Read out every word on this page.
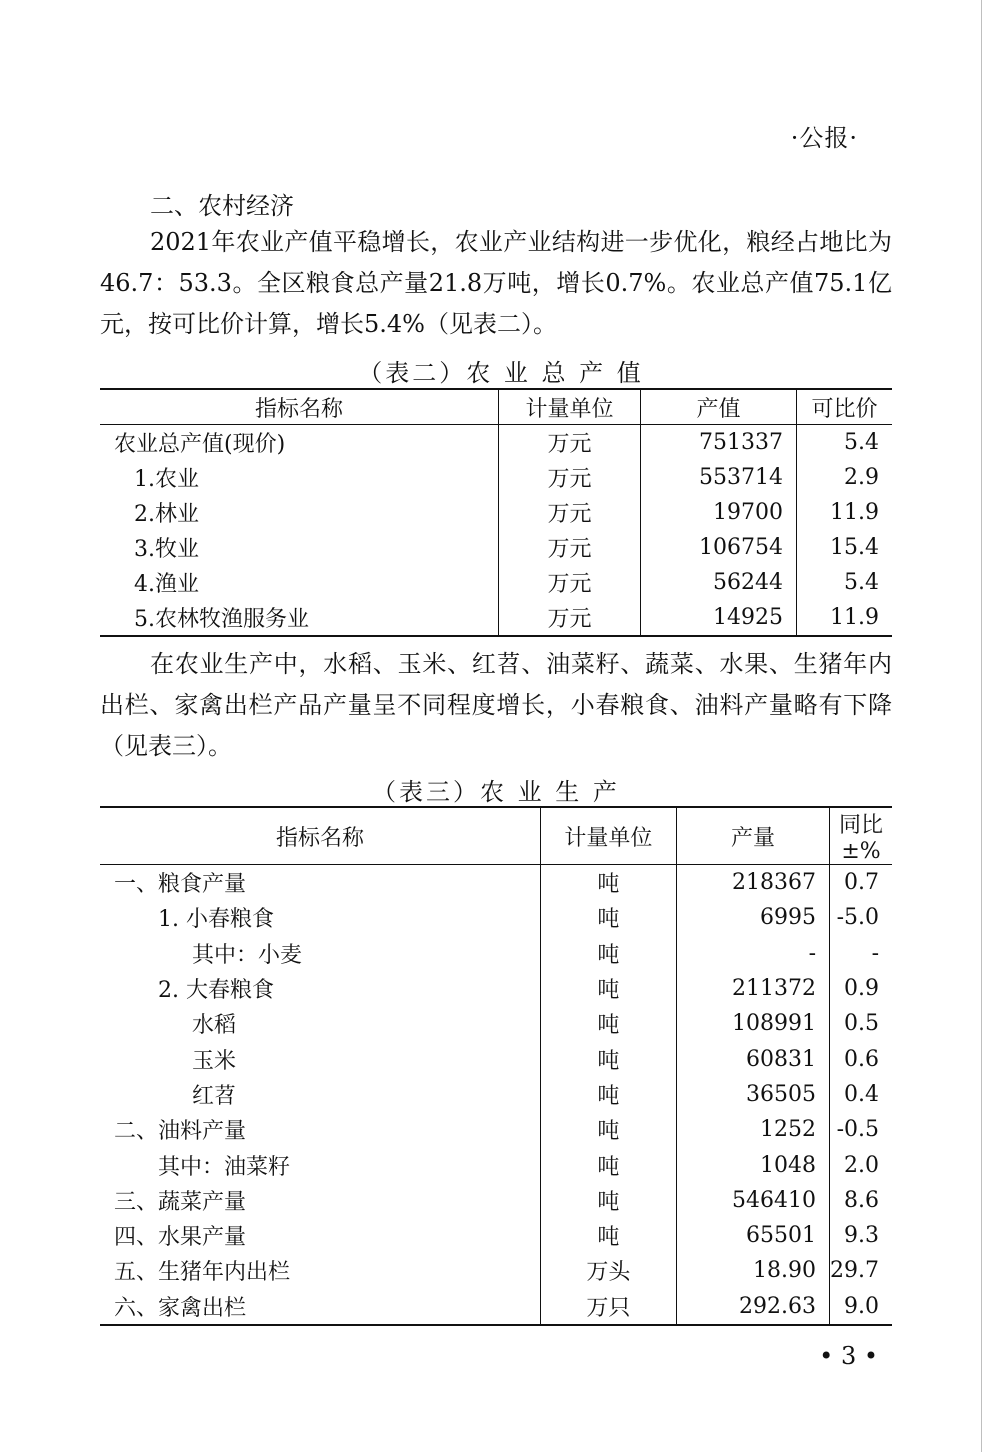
·公报·
二、农村经济

2021年农业产值平稳增长，农业产业结构进一步优化，粮经占地比为46.7：53.3。全区粮食总产量21.8万吨，增长0.7%。农业总产值75.1亿元，按可比价计算，增长5.4%（见表二）。

（表二）农 业 总 产 值
指标名称	计量单位	产值	可比价
农业总产值(现价)	万元	751337	5.4
1.农业	万元	553714	2.9
2.林业	万元	19700	11.9
3.牧业	万元	106754	15.4
4.渔业	万元	56244	5.4
5.农林牧渔服务业	万元	14925	11.9

在农业生产中，水稻、玉米、红苕、油菜籽、蔬菜、水果、生猪年内出栏、家禽出栏产品产量呈不同程度增长，小春粮食、油料产量略有下降（见表三）。

（表三）农 业 生 产
指标名称	计量单位	产量	同比±%
一、粮食产量	吨	218367	0.7
1. 小春粮食	吨	6995	-5.0
其中：小麦	吨	-	-
2. 大春粮食	吨	211372	0.9
水稻	吨	108991	0.5
玉米	吨	60831	0.6
红苕	吨	36505	0.4
二、油料产量	吨	1252	-0.5
其中：油菜籽	吨	1048	2.0
三、蔬菜产量	吨	546410	8.6
四、水果产量	吨	65501	9.3
五、生猪年内出栏	万头	18.90	29.7
六、家禽出栏	万只	292.63	9.0
• 3 •
